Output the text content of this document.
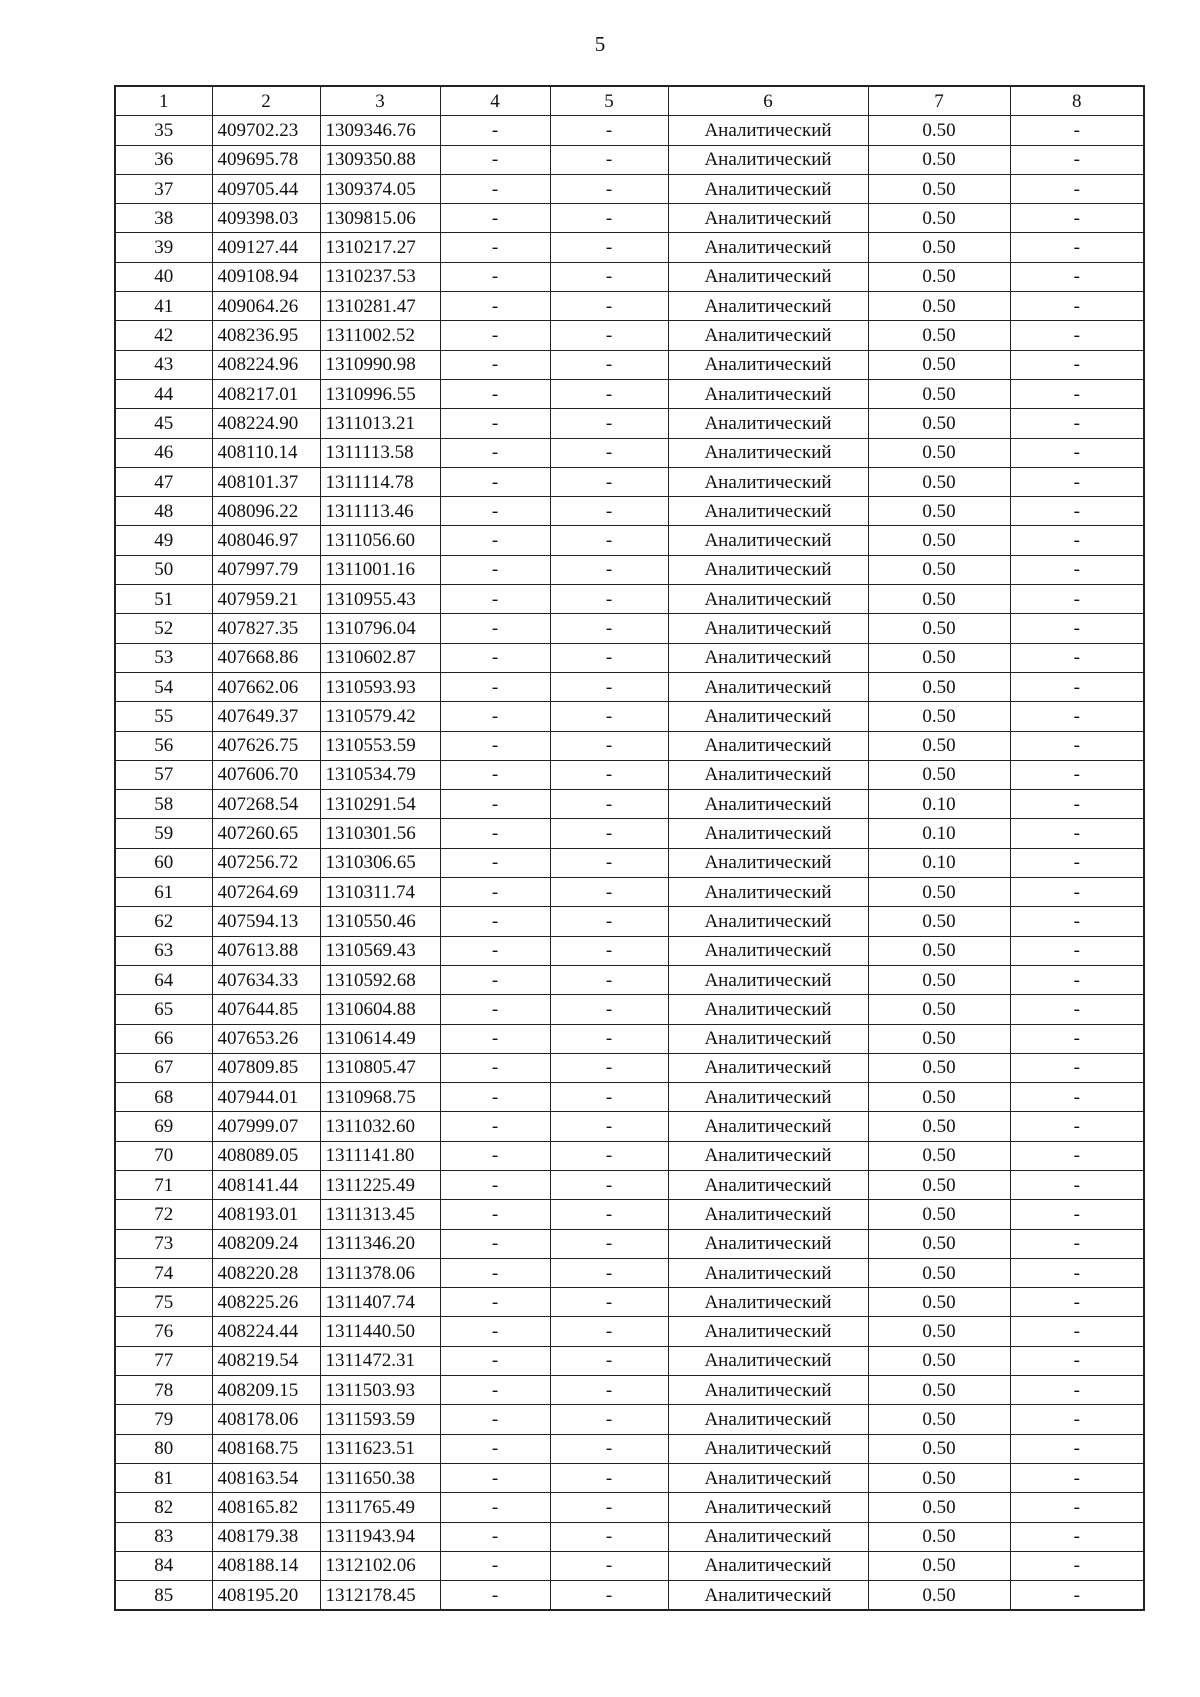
5
1	2	3	4	5	6	7	8
35	409702.23	1309346.76	-	-	Аналитический	0.50	-
36	409695.78	1309350.88	-	-	Аналитический	0.50	-
37	409705.44	1309374.05	-	-	Аналитический	0.50	-
38	409398.03	1309815.06	-	-	Аналитический	0.50	-
39	409127.44	1310217.27	-	-	Аналитический	0.50	-
40	409108.94	1310237.53	-	-	Аналитический	0.50	-
41	409064.26	1310281.47	-	-	Аналитический	0.50	-
42	408236.95	1311002.52	-	-	Аналитический	0.50	-
43	408224.96	1310990.98	-	-	Аналитический	0.50	-
44	408217.01	1310996.55	-	-	Аналитический	0.50	-
45	408224.90	1311013.21	-	-	Аналитический	0.50	-
46	408110.14	1311113.58	-	-	Аналитический	0.50	-
47	408101.37	1311114.78	-	-	Аналитический	0.50	-
48	408096.22	1311113.46	-	-	Аналитический	0.50	-
49	408046.97	1311056.60	-	-	Аналитический	0.50	-
50	407997.79	1311001.16	-	-	Аналитический	0.50	-
51	407959.21	1310955.43	-	-	Аналитический	0.50	-
52	407827.35	1310796.04	-	-	Аналитический	0.50	-
53	407668.86	1310602.87	-	-	Аналитический	0.50	-
54	407662.06	1310593.93	-	-	Аналитический	0.50	-
55	407649.37	1310579.42	-	-	Аналитический	0.50	-
56	407626.75	1310553.59	-	-	Аналитический	0.50	-
57	407606.70	1310534.79	-	-	Аналитический	0.50	-
58	407268.54	1310291.54	-	-	Аналитический	0.10	-
59	407260.65	1310301.56	-	-	Аналитический	0.10	-
60	407256.72	1310306.65	-	-	Аналитический	0.10	-
61	407264.69	1310311.74	-	-	Аналитический	0.50	-
62	407594.13	1310550.46	-	-	Аналитический	0.50	-
63	407613.88	1310569.43	-	-	Аналитический	0.50	-
64	407634.33	1310592.68	-	-	Аналитический	0.50	-
65	407644.85	1310604.88	-	-	Аналитический	0.50	-
66	407653.26	1310614.49	-	-	Аналитический	0.50	-
67	407809.85	1310805.47	-	-	Аналитический	0.50	-
68	407944.01	1310968.75	-	-	Аналитический	0.50	-
69	407999.07	1311032.60	-	-	Аналитический	0.50	-
70	408089.05	1311141.80	-	-	Аналитический	0.50	-
71	408141.44	1311225.49	-	-	Аналитический	0.50	-
72	408193.01	1311313.45	-	-	Аналитический	0.50	-
73	408209.24	1311346.20	-	-	Аналитический	0.50	-
74	408220.28	1311378.06	-	-	Аналитический	0.50	-
75	408225.26	1311407.74	-	-	Аналитический	0.50	-
76	408224.44	1311440.50	-	-	Аналитический	0.50	-
77	408219.54	1311472.31	-	-	Аналитический	0.50	-
78	408209.15	1311503.93	-	-	Аналитический	0.50	-
79	408178.06	1311593.59	-	-	Аналитический	0.50	-
80	408168.75	1311623.51	-	-	Аналитический	0.50	-
81	408163.54	1311650.38	-	-	Аналитический	0.50	-
82	408165.82	1311765.49	-	-	Аналитический	0.50	-
83	408179.38	1311943.94	-	-	Аналитический	0.50	-
84	408188.14	1312102.06	-	-	Аналитический	0.50	-
85	408195.20	1312178.45	-	-	Аналитический	0.50	-
